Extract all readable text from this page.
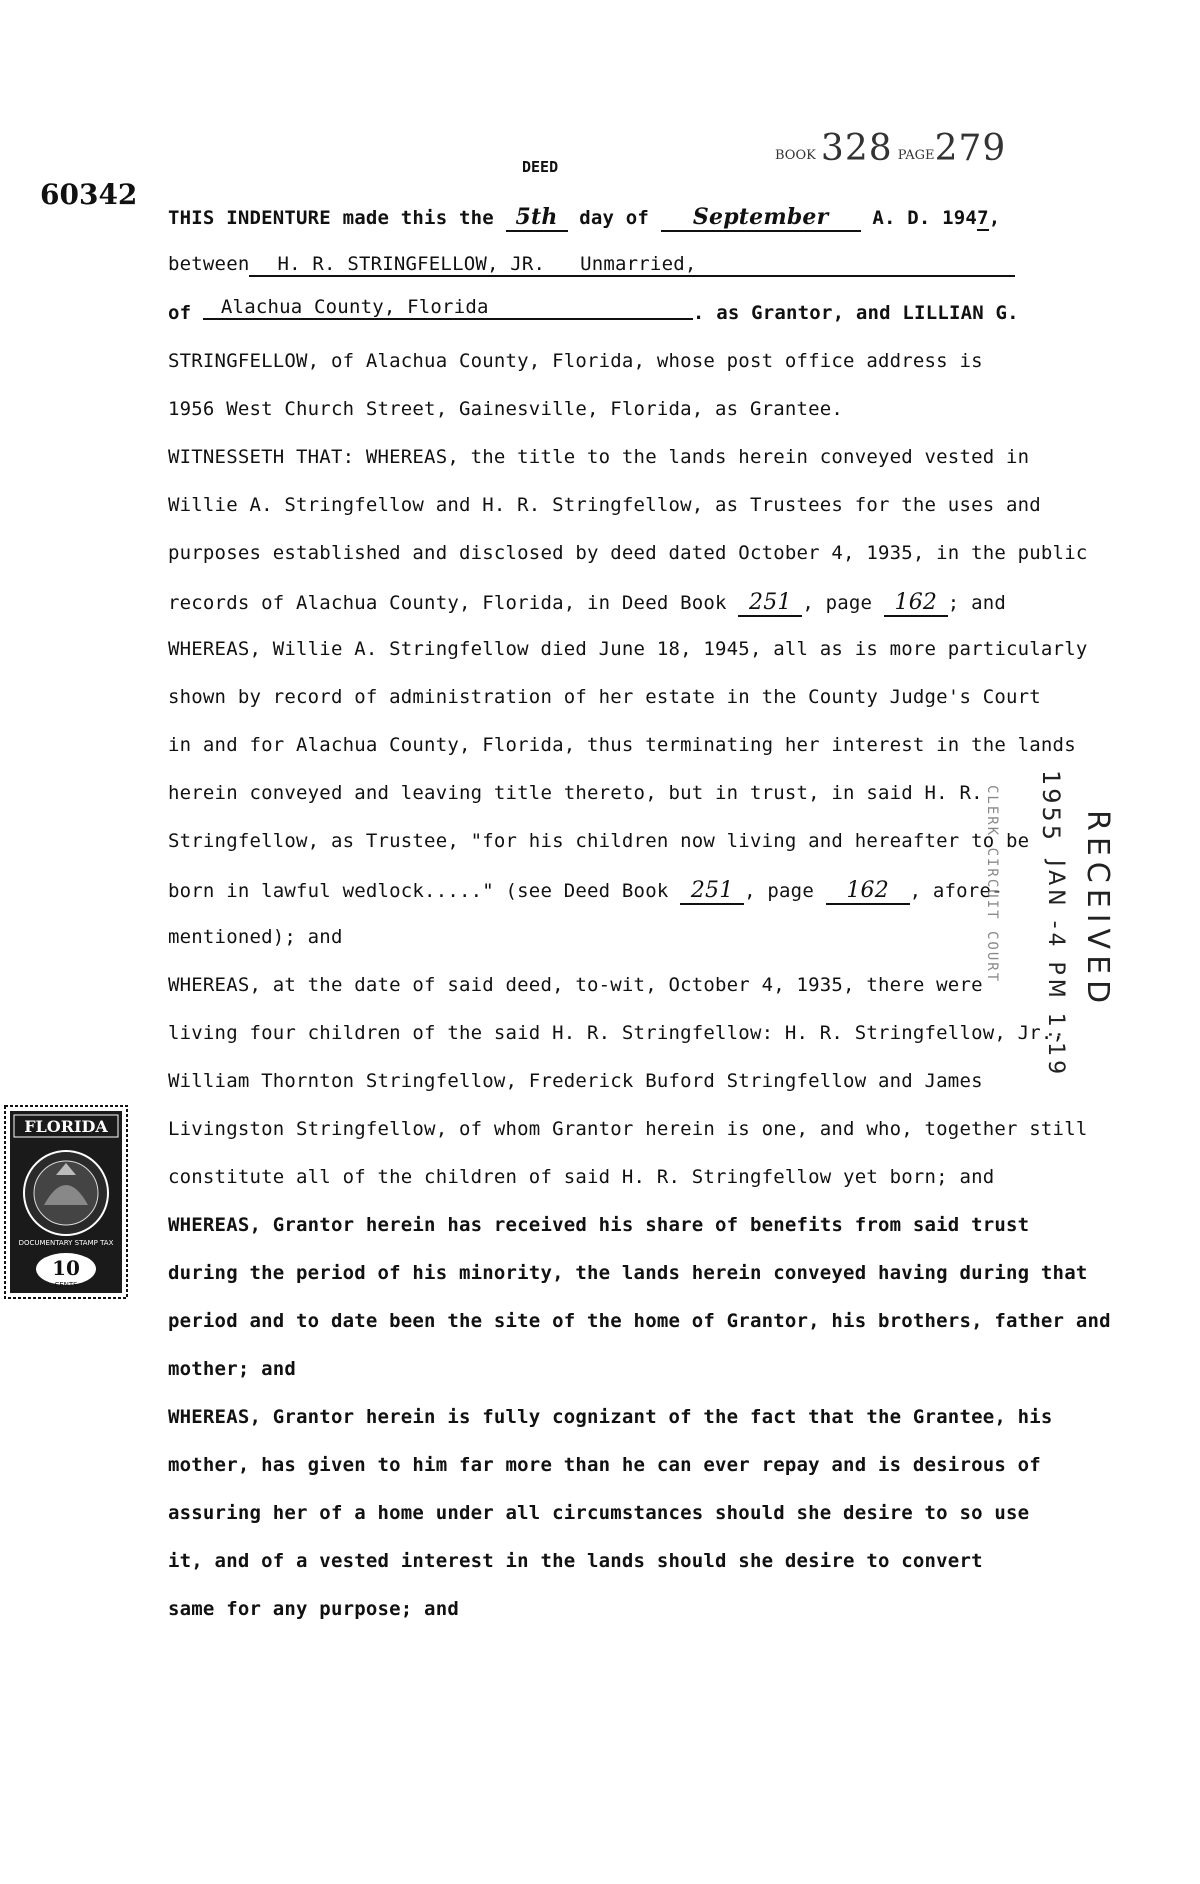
60342
DEED
BOOK 328 PAGE279
THIS INDENTURE made this the 5th day of September A. D. 1947,
between H. R. STRINGFELLOW, JR.   Unmarried,
of Alachua County, Florida	. as Grantor, and LILLIAN G.
STRINGFELLOW, of Alachua County, Florida, whose post office address is
1956 West Church Street, Gainesville, Florida, as Grantee.
WITNESSETH THAT: WHEREAS, the title to the lands herein conveyed vested in
Willie A. Stringfellow and H. R. Stringfellow, as Trustees for the uses and
purposes established and disclosed by deed dated October 4, 1935, in the public
records of Alachua County, Florida, in Deed Book 251 , page 162 ; and
WHEREAS, Willie A. Stringfellow died June 18, 1945, all as is more particularly
shown by record of administration of her estate in the County Judge's Court
in and for Alachua County, Florida, thus terminating her interest in the lands
herein conveyed and leaving title thereto, but in trust, in said H. R.
Stringfellow, as Trustee, "for his children now living and hereafter to be
born in lawful wedlock....." (see Deed Book 251 , page 162 , afore-
mentioned); and
WHEREAS, at the date of said deed, to-wit, October 4, 1935, there were
living four children of the said H. R. Stringfellow: H. R. Stringfellow, Jr.,
William Thornton Stringfellow, Frederick Buford Stringfellow and James
Livingston Stringfellow, of whom Grantor herein is one, and who, together still
constitute all of the children of said H. R. Stringfellow yet born; and
WHEREAS, Grantor herein has received his share of benefits from said trust
during the period of his minority, the lands herein conveyed having during that
period and to date been the site of the home of Grantor, his brothers, father and
mother; and
WHEREAS, Grantor herein is fully cognizant of the fact that the Grantee, his
mother, has given to him far more than he can ever repay and is desirous of
assuring her of a home under all circumstances should she desire to so use
it, and of a vested interest in the lands should she desire to convert
same for any purpose; and
CLERK CIRCUIT COURT 1955
JAN -4 PM 1:19 RECEIVED
FLORIDA
DOCUMENTARY STAMP TAX
10
CENTS
